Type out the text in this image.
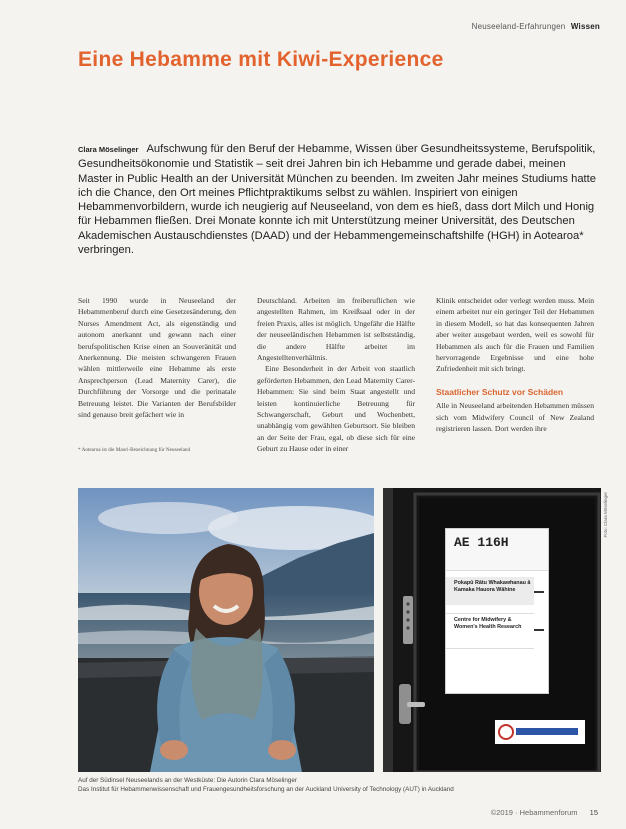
Neuseeland-Erfahrungen Wissen
Eine Hebamme mit Kiwi-Experience

Clara Möselinger Aufschwung für den Beruf der Hebamme, Wissen über Gesundheitssysteme, Berufspolitik, Gesundheitsökonomie und Statistik – seit drei Jahren bin ich Hebamme und gerade dabei, meinen Master in Public Health an der Universität München zu beenden. Im zweiten Jahr meines Studiums hatte ich die Chance, den Ort meines Pflichtpraktikums selbst zu wählen. Inspiriert von einigen Hebammenvorbildern, wurde ich neugierig auf Neuseeland, von dem es hieß, dass dort Milch und Honig für Hebammen fließen. Drei Monate konnte ich mit Unterstützung meiner Universität, des Deutschen Akademischen Austauschdienstes (DAAD) und der Hebammengemeinschaftshilfe (HGH) in Aotearoa* verbringen.

Seit 1990 wurde in Neuseeland der Hebammenberuf durch eine Gesetzesänderung, den Nurses Amendment Act, als eigenständig und autonom anerkannt und gewann nach einer berufspolitischen Krise einen an Souveränität und Anerkennung. Die meisten schwangeren Frauen wählen mittlerweile eine Hebamme als erste Ansprechperson (Lead Maternity Carer), die Durchführung der Vorsorge und die perinatale Betreuung leistet. Die Varianten der Berufsbilder sind genauso breit gefächert wie in

Deutschland. Arbeiten im freiberuflichen wie angestellten Rahmen, im Kreißsaal oder in der freien Praxis, alles ist möglich. Ungefähr die Hälfte der neuseeländischen Hebammen ist selbstständig, die andere Hälfte arbeitet im Angestelltenverhältnis.

Eine Besonderheit in der Arbeit von staatlich geförderten Hebammen, den Lead Maternity Carer-Hebammen: Sie sind beim Staat angestellt und leisten kontinuierliche Betreuung für Schwangerschaft, Geburt und Wochenbett, unabhängig vom gewählten Geburtsort. Sie bleiben an der Seite der Frau, egal, ob diese sich für eine Geburt zu Hause oder in einer

Klinik entscheidet oder verlegt werden muss. Mein einem arbeitet nur ein geringer Teil der Hebammen in diesem Modell, so hat das konsequenten Jahren aber weiter ausgebaut werden, weil es sowohl für Hebammen als auch für die Frauen und Familien hervorragende Ergebnisse und eine hohe Zufriedenheit mit sich bringt.

Staatlicher Schutz vor Schäden

Alle in Neuseeland arbeitenden Hebammen müssen sich vom Midwifery Council of New Zealand registrieren lassen. Dort werden ihre

* Aotearoa ist die Maori-Bezeichnung für Neuseeland
AE 116H
Pokapū Rātu Whakawhanau ā Kamaka Hauora Wāhine
Centre for Midwifery & Women's Health Research
Foto: Clara Möselinger

Auf der Südinsel Neuseelands an der Westküste: Die Autorin Clara Möselinger
Das Institut für Hebammenwissenschaft und Frauengesundheitsforschung an der Auckland University of Technology (AUT) in Auckland

©2019 · Hebammenforum 15
